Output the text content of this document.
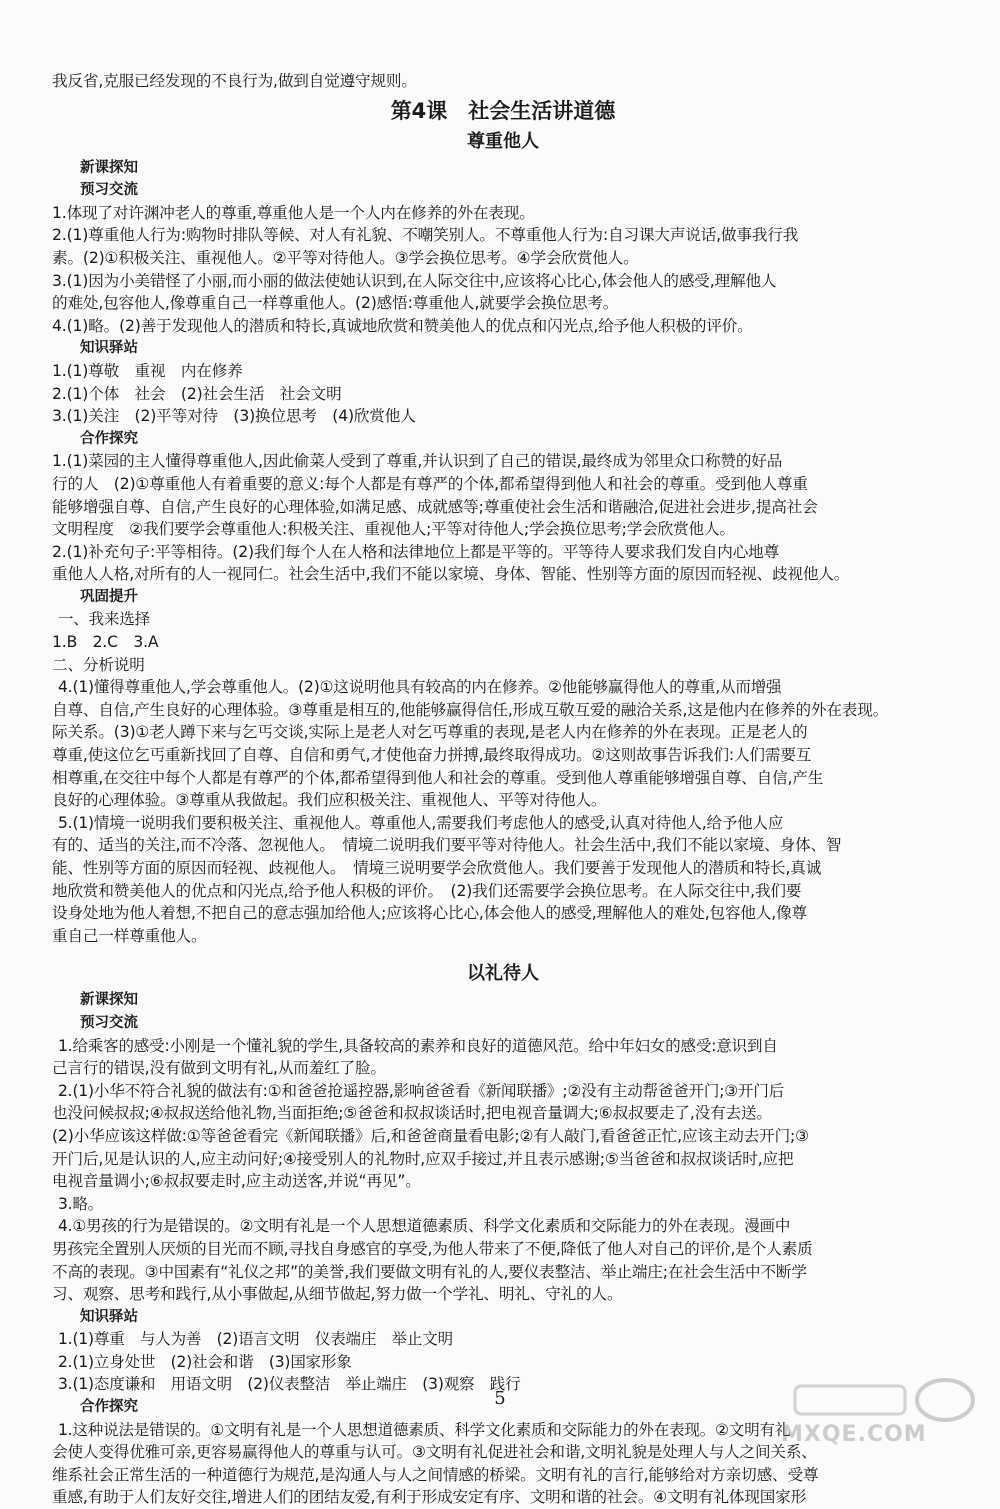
我反省,克服已经发现的不良行为,做到自觉遵守规则。
第4课　社会生活讲道德
尊重他人
新课探知
预习交流
1.体现了对许渊冲老人的尊重,尊重他人是一个人内在修养的外在表现。
2.(1)尊重他人行为:购物时排队等候、对人有礼貌、不嘲笑别人。不尊重他人行为:自习课大声说话,做事我行我
素。(2)①积极关注、重视他人。②平等对待他人。③学会换位思考。④学会欣赏他人。
3.(1)因为小美错怪了小丽,而小丽的做法使她认识到,在人际交往中,应该将心比心,体会他人的感受,理解他人
的难处,包容他人,像尊重自己一样尊重他人。(2)感悟:尊重他人,就要学会换位思考。
4.(1)略。(2)善于发现他人的潜质和特长,真诚地欣赏和赞美他人的优点和闪光点,给予他人积极的评价。
知识驿站
1.(1)尊敬　重视　内在修养
2.(1)个体　社会　(2)社会生活　社会文明
3.(1)关注　(2)平等对待　(3)换位思考　(4)欣赏他人
合作探究
1.(1)菜园的主人懂得尊重他人,因此偷菜人受到了尊重,并认识到了自己的错误,最终成为邻里众口称赞的好品
行的人　(2)①尊重他人有着重要的意义:每个人都是有尊严的个体,都希望得到他人和社会的尊重。受到他人尊重
能够增强自尊、自信,产生良好的心理体验,如满足感、成就感等;尊重使社会生活和谐融洽,促进社会进步,提高社会
文明程度　②我们要学会尊重他人:积极关注、重视他人;平等对待他人;学会换位思考;学会欣赏他人。
2.(1)补充句子:平等相待。(2)我们每个人在人格和法律地位上都是平等的。平等待人要求我们发自内心地尊
重他人人格,对所有的人一视同仁。社会生活中,我们不能以家境、身体、智能、性别等方面的原因而轻视、歧视他人。
巩固提升
一、我来选择
1.B　2.C　3.A
二、分析说明
4.(1)懂得尊重他人,学会尊重他人。(2)①这说明他具有较高的内在修养。②他能够赢得他人的尊重,从而增强
自尊、自信,产生良好的心理体验。③尊重是相互的,他能够赢得信任,形成互敬互爱的融洽关系,这是他内在修养的外在表现。
际关系。(3)①老人蹲下来与乞丐交谈,实际上是老人对乞丐尊重的表现,是老人内在修养的外在表现。正是老人的
尊重,使这位乞丐重新找回了自尊、自信和勇气,才使他奋力拼搏,最终取得成功。②这则故事告诉我们:人们需要互
相尊重,在交往中每个人都是有尊严的个体,都希望得到他人和社会的尊重。受到他人尊重能够增强自尊、自信,产生
良好的心理体验。③尊重从我做起。我们应积极关注、重视他人、平等对待他人。
5.(1)情境一说明我们要积极关注、重视他人。尊重他人,需要我们考虑他人的感受,认真对待他人,给予他人应
有的、适当的关注,而不冷落、忽视他人。　情境二说明我们要平等对待他人。社会生活中,我们不能以家境、身体、智
能、性别等方面的原因而轻视、歧视他人。　情境三说明要学会欣赏他人。我们要善于发现他人的潜质和特长,真诚
地欣赏和赞美他人的优点和闪光点,给予他人积极的评价。　(2)我们还需要学会换位思考。在人际交往中,我们要
设身处地为他人着想,不把自己的意志强加给他人;应该将心比心,体会他人的感受,理解他人的难处,包容他人,像尊
重自己一样尊重他人。
以礼待人
新课探知
预习交流
1.给乘客的感受:小刚是一个懂礼貌的学生,具备较高的素养和良好的道德风范。给中年妇女的感受:意识到自
己言行的错误,没有做到文明有礼,从而羞红了脸。
2.(1)小华不符合礼貌的做法有:①和爸爸抢遥控器,影响爸爸看《新闻联播》;②没有主动帮爸爸开门;③开门后
也没问候叔叔;④叔叔送给他礼物,当面拒绝;⑤爸爸和叔叔谈话时,把电视音量调大;⑥叔叔要走了,没有去送。
(2)小华应该这样做:①等爸爸看完《新闻联播》后,和爸爸商量看电影;②有人敲门,看爸爸正忙,应该主动去开门;③
开门后,见是认识的人,应主动问好;④接受别人的礼物时,应双手接过,并且表示感谢;⑤当爸爸和叔叔谈话时,应把
电视音量调小;⑥叔叔要走时,应主动送客,并说“再见”。
3.略。
4.①男孩的行为是错误的。②文明有礼是一个人思想道德素质、科学文化素质和交际能力的外在表现。漫画中
男孩完全置别人厌烦的目光而不顾,寻找自身感官的享受,为他人带来了不便,降低了他人对自己的评价,是个人素质
不高的表现。③中国素有“礼仪之邦”的美誉,我们要做文明有礼的人,要仪表整洁、举止端庄;在社会生活中不断学
习、观察、思考和践行,从小事做起,从细节做起,努力做一个学礼、明礼、守礼的人。
知识驿站
1.(1)尊重　与人为善　(2)语言文明　仪表端庄　举止文明
2.(1)立身处世　(2)社会和谐　(3)国家形象
3.(1)态度谦和　用语文明　(2)仪表整洁　举止端庄　(3)观察　践行
合作探究
1.这种说法是错误的。①文明有礼是一个人思想道德素质、科学文化素质和交际能力的外在表现。②文明有礼
会使人变得优雅可亲,更容易赢得他人的尊重与认可。③文明有礼促进社会和谐,文明礼貌是处理人与人之间关系、
维系社会正常生活的一种道德行为规范,是沟通人与人之间情感的桥梁。文明有礼的言行,能够给对方亲切感、受尊
重感,有助于人们友好交往,增进人们的团结友爱,有利于形成安定有序、文明和谐的社会。④文明有礼体现国家形
5
MXQE.COM
